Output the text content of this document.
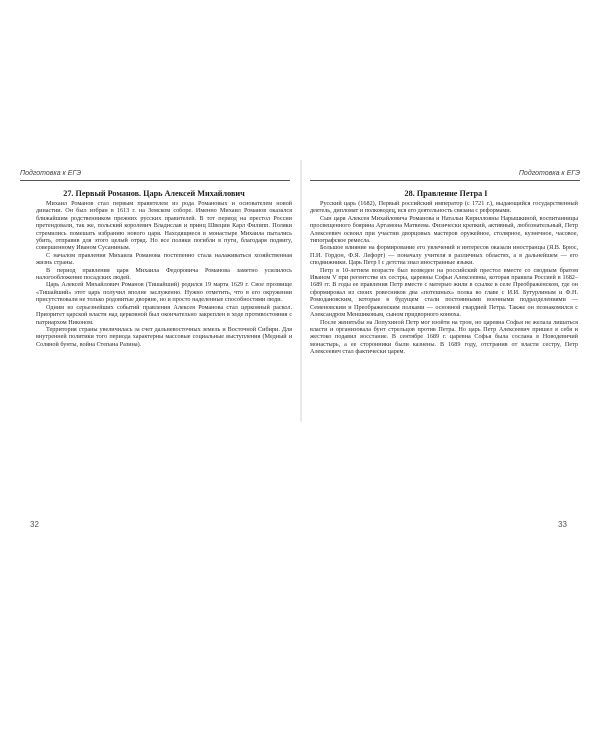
Подготовка к ЕГЭ
27. Первый Романов. Царь Алексей Михайлович

Михаил Романов стал первым правителем из рода Романовых и основателем новой династии. Он был избран в 1613 г. на Земском соборе. Именно Михаил Романов оказался ближайшим родственником прежних русских правителей. В тот период на престол России претендовали, так же, польский королевич Владислав и принц Швеции Карл Филипп. Поляки стремились помешать избранию нового царя. Находящиеся в монастыре Михаила пытались убить, отправив для этого целый отряд. Но все поляки погибли в пути, благодаря подвигу, совершенному Иваном Сусаниным.

С началом правления Михаила Романова постепенно стала налаживаться хозяйственная жизнь страны.

В период правления царя Михаила Федоровича Романова заметно усилилось налогообложение посадских людей.

Царь Алексей Михайлович Романов (Тишайший) родился 19 марта 1629 г. Свое прозвище «Тишайший» этот царь получил вполне заслуженно. Нужно отметить, что в его окружении присутствовали не только родовитые дворяне, но и просто наделенные способностями люди.

Одним из серьезнейших событий правления Алексея Романова стал церковный раскол. Приоритет царской власти над церковной был окончательно закреплен в ходе противостояния с патриархом Никоном.

Территория страны увеличилась за счет дальневосточных земель и Восточной Сибири. Для внутренней политики того периода характерны массовые социальные выступления (Медный и Соляной бунты, война Степана Разина).

Подготовка к ЕГЭ
28. Правление Петра I

Русский царь (1682), Первый российский император (с 1721 г.), выдающийся государственный деятель, дипломат и полководец, вся его деятельность связана с реформами.

Сын царя Алексея Михайловича Романова и Натальи Кирилловны Нарышкиной, воспитанницы просвещенного боярина Артамона Матвеева. Физически крепкий, активный, любознательный, Петр Алексеевич освоил при участии дворцовых мастеров оружейное, столярное, кузнечное, часовое, типографское ремесла.

Большое влияние на формирование его увлечений и интересов оказали иностранцы (Я.В. Брюс, П.И. Гордон, Ф.Я. Лефорт) — поначалу учителя в различных областях, а в дальнейшем — его сподвижники. Царь Петр I с детства знал иностранные языки.

Петр в 10-летнем возрасте был возведен на российский престол вместе со сводным братом Иваном V при регентстве их сестры, царевны Софьи Алексеевны, которая правила Россией в 1682–1689 гг. В годы ее правления Петр вместе с матерью жили в ссылке в селе Преображенском, где он сформировал из своих ровесников два «потешных» полка во главе с И.И. Бутурлиным и Ф.Н. Ромодановским, которые в будущем стали постоянными военными подразделениями — Семеновским и Преображенским полками — основной гвардией Петра. Также он познакомился с Александром Меншиковым, сыном придворного конюха.

После женитьбы на Лопухиной Петр мог взойти на трон, но царевна Софья не желала лишаться власти и организовала бунт стрельцов против Петра. Но царь Петр Алексеевич пришел в себя и жестоко подавил восстание. В сентябре 1689 г. царевна Софья была сослана в Новодевичий монастырь, а ее сторонники были казнены. В 1689 году, отстранив от власти сестру, Петр Алексеевич стал фактически царем.

32	33
